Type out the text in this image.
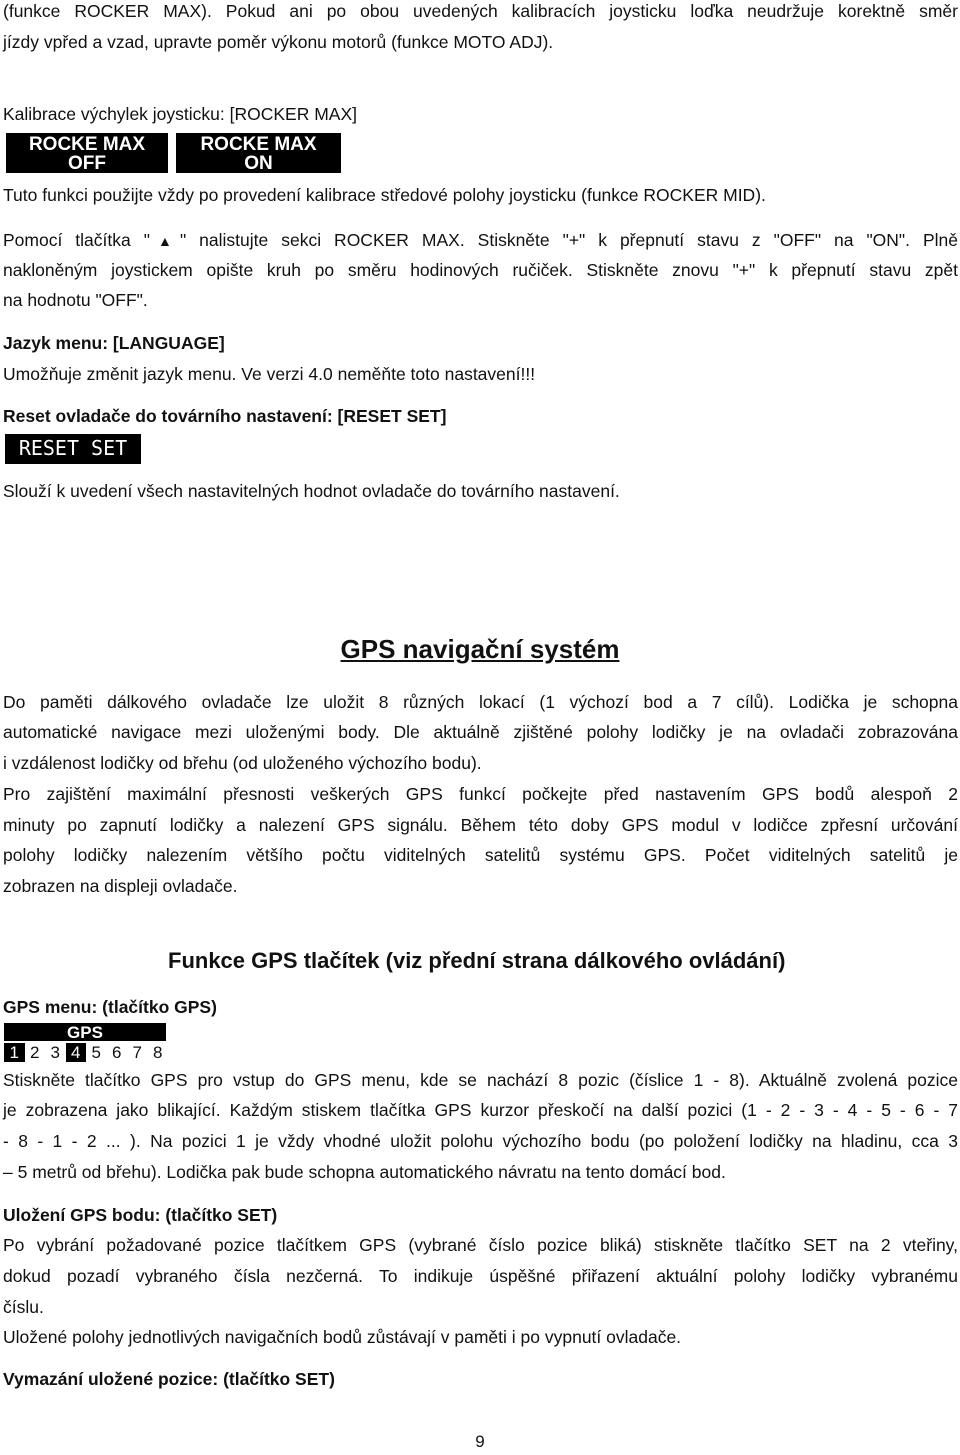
(funkce ROCKER MAX). Pokud ani po obou uvedených kalibracích joysticku loďka neudržuje korektně směr
jízdy vpřed a vzad, upravte poměr výkonu motorů (funkce MOTO ADJ).
Kalibrace výchylek joysticku: [ROCKER MAX]
ROCKE MAX
OFF
ROCKE MAX
ON
Tuto funkci použijte vždy po provedení kalibrace středové polohy joysticku (funkce ROCKER MID).
Pomocí tlačítka "▲" nalistujte sekci ROCKER MAX. Stiskněte "+" k přepnutí stavu z "OFF" na "ON". Plně
nakloněným joystickem opište kruh po směru hodinových ručiček. Stiskněte znovu "+" k přepnutí stavu zpět
na hodnotu "OFF".
Jazyk menu: [LANGUAGE]
Umožňuje změnit jazyk menu. Ve verzi 4.0 neměňte toto nastavení!!!
Reset ovladače do továrního nastavení: [RESET SET]
RESET SET
Slouží k uvedení všech nastavitelných hodnot ovladače do továrního nastavení.
GPS navigační systém
Do paměti dálkového ovladače lze uložit 8 různých lokací (1 výchozí bod a 7 cílů). Lodička je schopna
automatické navigace mezi uloženými body. Dle aktuálně zjištěné polohy lodičky je na ovladači zobrazována
i vzdálenost lodičky od břehu (od uloženého výchozího bodu).
Pro zajištění maximální přesnosti veškerých GPS funkcí počkejte před nastavením GPS bodů alespoň 2
minuty po zapnutí lodičky a nalezení GPS signálu. Během této doby GPS modul v lodičce zpřesní určování
polohy lodičky nalezením většího počtu viditelných satelitů systému GPS. Počet viditelných satelitů je
zobrazen na displeji ovladače.
Funkce GPS tlačítek (viz přední strana dálkového ovládání)
GPS menu: (tlačítko GPS)
GPS
1 2 3 4 5 6 7 8
Stiskněte tlačítko GPS pro vstup do GPS menu, kde se nachází 8 pozic (číslice 1 - 8). Aktuálně zvolená pozice
je zobrazena jako blikající. Každým stiskem tlačítka GPS kurzor přeskočí na další pozici (1 - 2 - 3 - 4 - 5 - 6 - 7
- 8 - 1 - 2 ... ). Na pozici 1 je vždy vhodné uložit polohu výchozího bodu (po položení lodičky na hladinu, cca 3
– 5 metrů od břehu). Lodička pak bude schopna automatického návratu na tento domácí bod.
Uložení GPS bodu: (tlačítko SET)
Po vybrání požadované pozice tlačítkem GPS (vybrané číslo pozice bliká) stiskněte tlačítko SET na 2 vteřiny,
dokud pozadí vybraného čísla nezčerná. To indikuje úspěšné přiřazení aktuální polohy lodičky vybranému
číslu.
Uložené polohy jednotlivých navigačních bodů zůstávají v paměti i po vypnutí ovladače.
Vymazání uložené pozice: (tlačítko SET)
9
